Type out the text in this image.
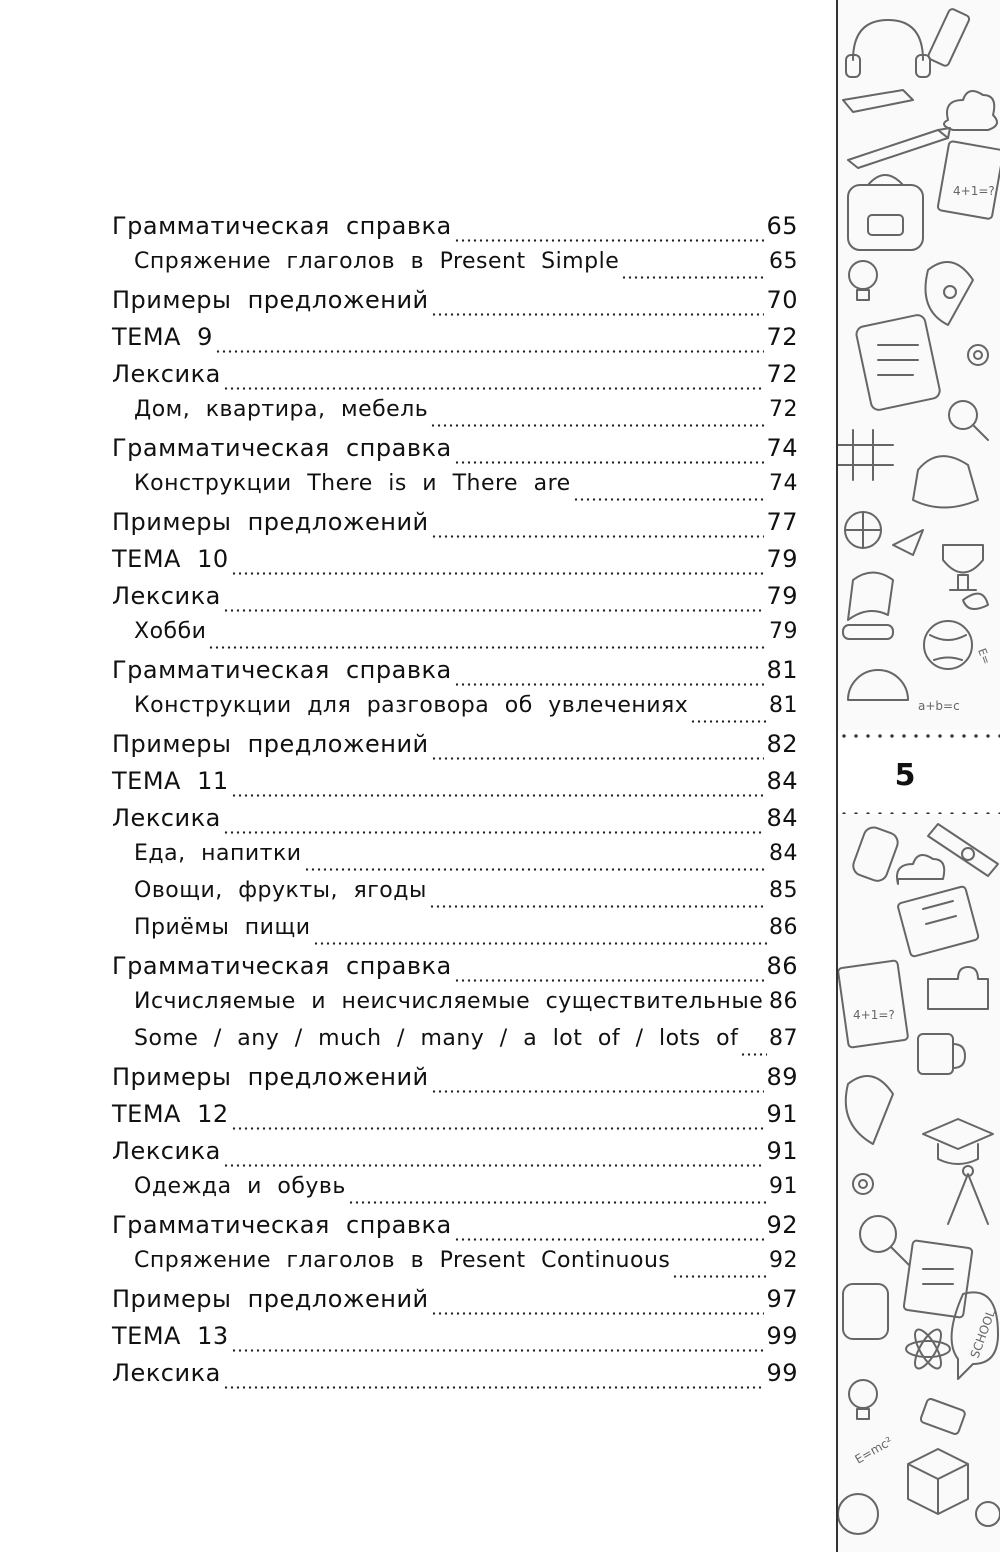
Грамматическая справка	65
Спряжение глаголов в Present Simple	65
Примеры предложений	70
ТЕМА 9	72
Лексика	72
Дом, квартира, мебель	72
Грамматическая справка	74
Конструкции There is и There are	74
Примеры предложений	77
ТЕМА 10	79
Лексика	79
Хобби	79
Грамматическая справка	81
Конструкции для разговора об увлечениях	81
Примеры предложений	82
ТЕМА 11	84
Лексика	84
Еда, напитки	84
Овощи, фрукты, ягоды	85
Приёмы пищи	86
Грамматическая справка	86
Исчисляемые и неисчисляемые существительные 86
Some / any / much / many / a lot of / lots of 87
Примеры предложений	89
ТЕМА 12	91
Лексика	91
Одежда и обувь	91
Грамматическая справка	92
Спряжение глаголов в Present Continuous	92
Примеры предложений	97
ТЕМА 13	99
Лексика	99
4+1=?
a+b=c
E=
5
4+1=?
SCHOOL
E=mc²
